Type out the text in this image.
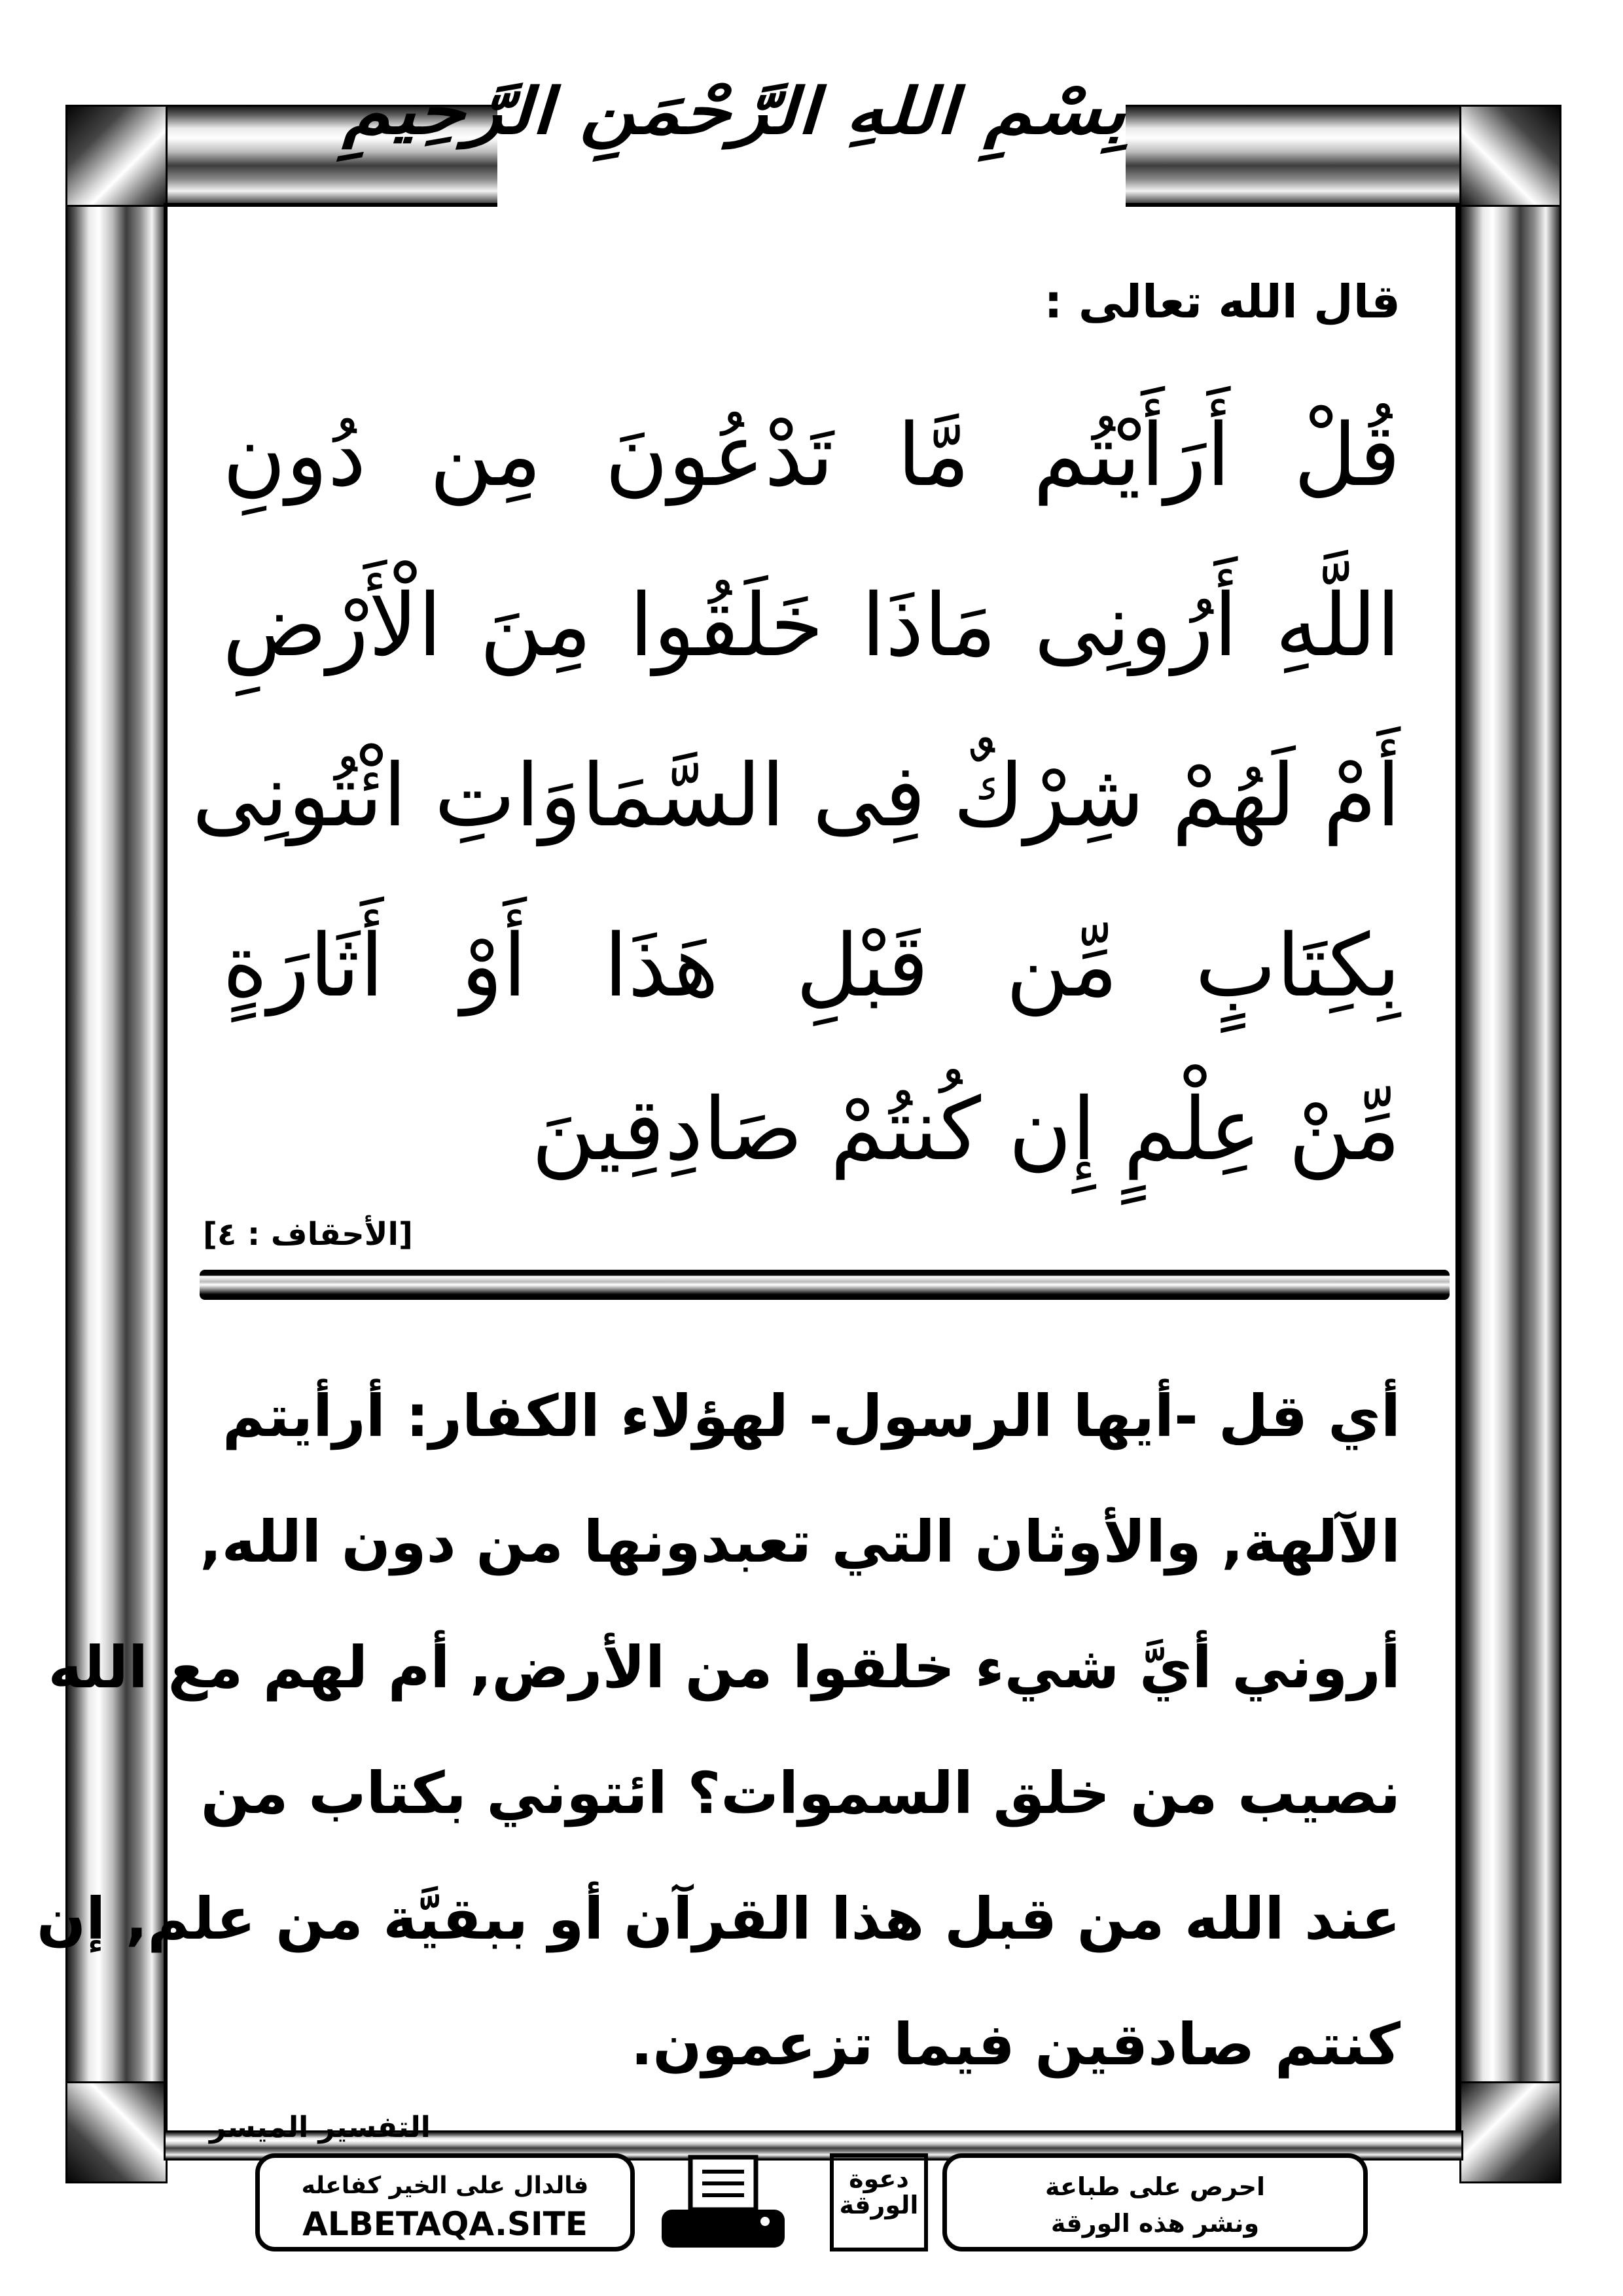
بِسْمِ اللهِ الرَّحْمَنِ الرَّحِيمِ
قال الله تعالى :
قُلْ أَرَأَيْتُم مَّا تَدْعُونَ مِن دُونِ
اللَّهِ أَرُونِى مَاذَا خَلَقُوا مِنَ الْأَرْضِ
أَمْ لَهُمْ شِرْكٌ فِى السَّمَاوَاتِ ائْتُونِى
بِكِتَابٍ مِّن قَبْلِ هَذَا أَوْ أَثَارَةٍ
مِّنْ عِلْمٍ إِن كُنتُمْ صَادِقِينَ
[الأحقاف : ٤]
أي قل -أيها الرسول- لهؤلاء الكفار: أرأيتم
الآلهة, والأوثان التي تعبدونها من دون الله,
أروني أيَّ شيء خلقوا من الأرض, أم لهم مع الله
نصيب من خلق السموات؟ ائتوني بكتاب من
عند الله من قبل هذا القرآن أو ببقيَّة من علم, إن
كنتم صادقين فيما تزعمون.
التفسير الميسر
فالدال على الخير كفاعله
ALBETAQA.SITE
دعوة
الورقة
احرص على طباعة
ونشر هذه الورقة
